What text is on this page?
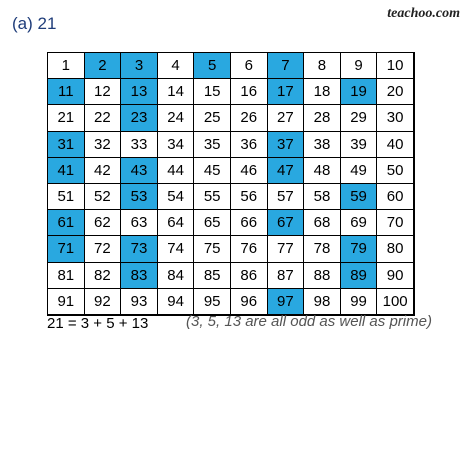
(a) 21
teachoo.com
1	2	3	4	5	6	7	8	9	10
11	12	13	14	15	16	17	18	19	20
21	22	23	24	25	26	27	28	29	30
31	32	33	34	35	36	37	38	39	40
41	42	43	44	45	46	47	48	49	50
51	52	53	54	55	56	57	58	59	60
61	62	63	64	65	66	67	68	69	70
71	72	73	74	75	76	77	78	79	80
81	82	83	84	85	86	87	88	89	90
91	92	93	94	95	96	97	98	99	100
21 = 3 + 5 + 13	(3, 5, 13 are all odd as well as prime)
